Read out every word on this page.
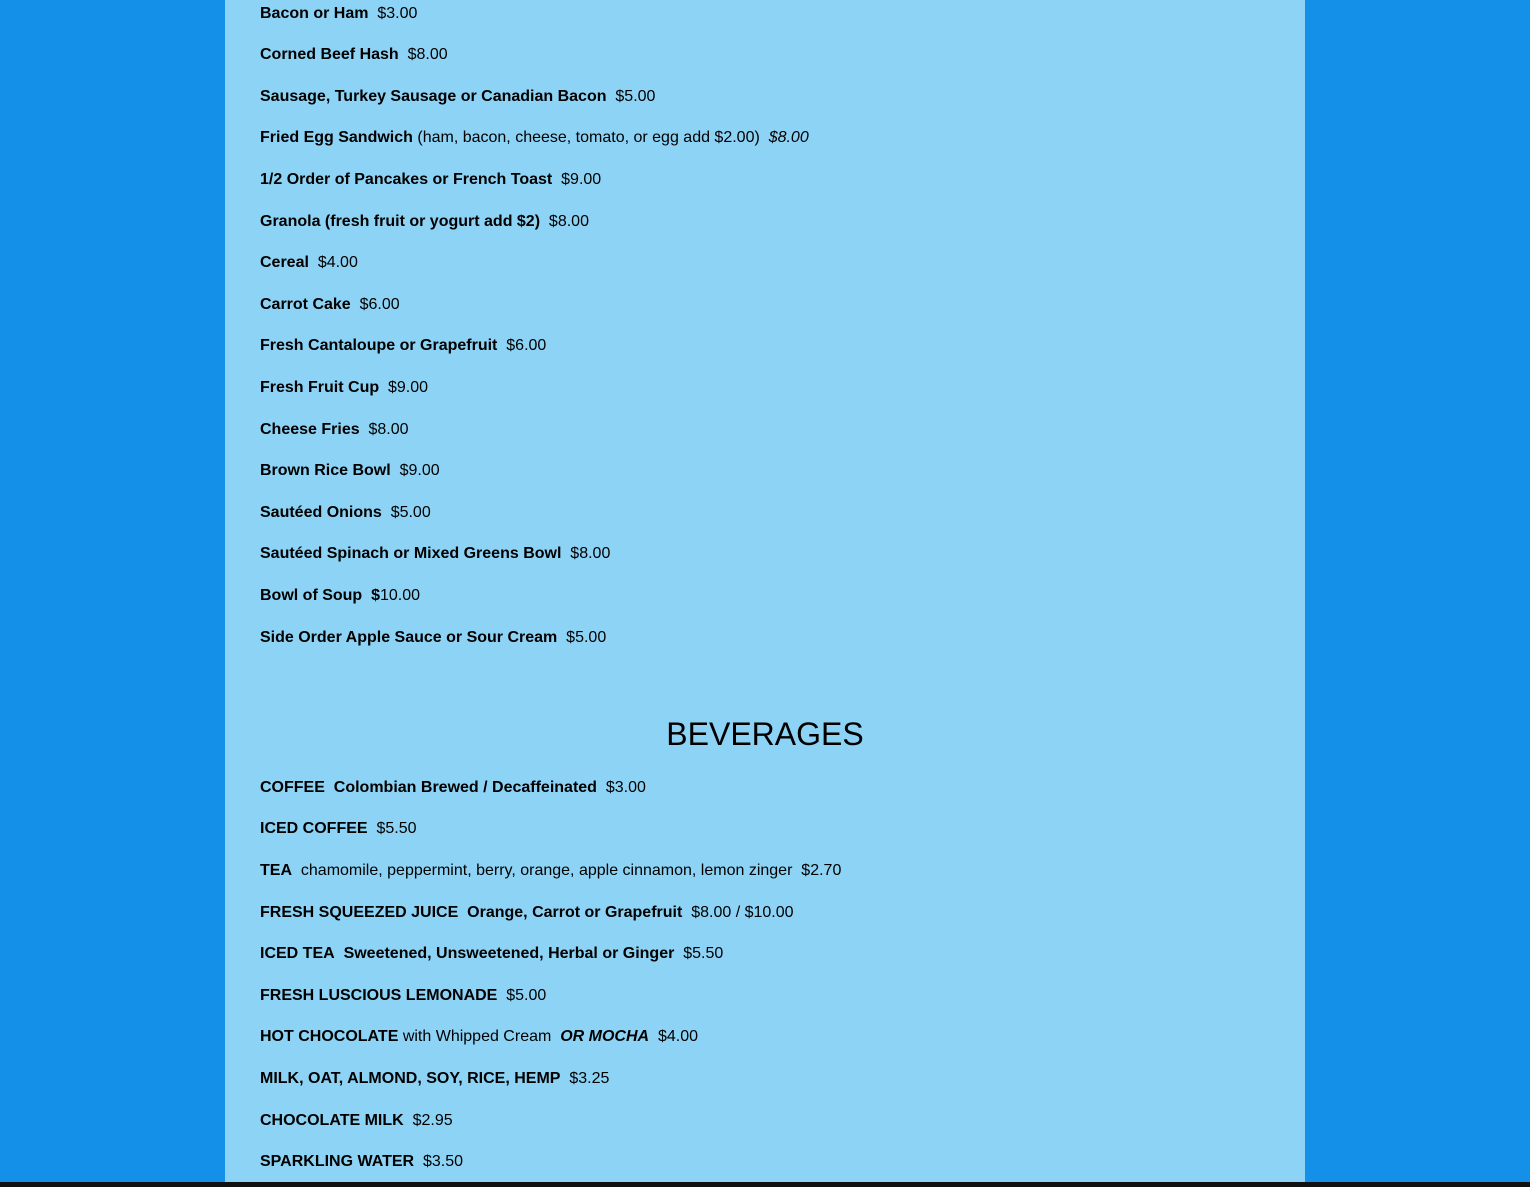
Bacon or Ham $3.00
Corned Beef Hash $8.00
Sausage, Turkey Sausage or Canadian Bacon $5.00
Fried Egg Sandwich (ham, bacon, cheese, tomato, or egg add $2.00) $8.00
1/2 Order of Pancakes or French Toast $9.00
Granola (fresh fruit or yogurt add $2) $8.00
Cereal $4.00
Carrot Cake $6.00
Fresh Cantaloupe or Grapefruit $6.00
Fresh Fruit Cup $9.00
Cheese Fries $8.00
Brown Rice Bowl $9.00
Sautéed Onions $5.00
Sautéed Spinach or Mixed Greens Bowl $8.00
Bowl of Soup $10.00
Side Order Apple Sauce or Sour Cream $5.00
BEVERAGES
COFFEE Colombian Brewed / Decaffeinated $3.00
ICED COFFEE $5.50
TEA chamomile, peppermint, berry, orange, apple cinnamon, lemon zinger $2.70
FRESH SQUEEZED JUICE Orange, Carrot or Grapefruit $8.00 / $10.00
ICED TEA Sweetened, Unsweetened, Herbal or Ginger $5.50
FRESH LUSCIOUS LEMONADE $5.00
HOT CHOCOLATE with Whipped Cream OR MOCHA $4.00
MILK, OAT, ALMOND, SOY, RICE, HEMP $3.25
CHOCOLATE MILK $2.95
SPARKLING WATER $3.50
